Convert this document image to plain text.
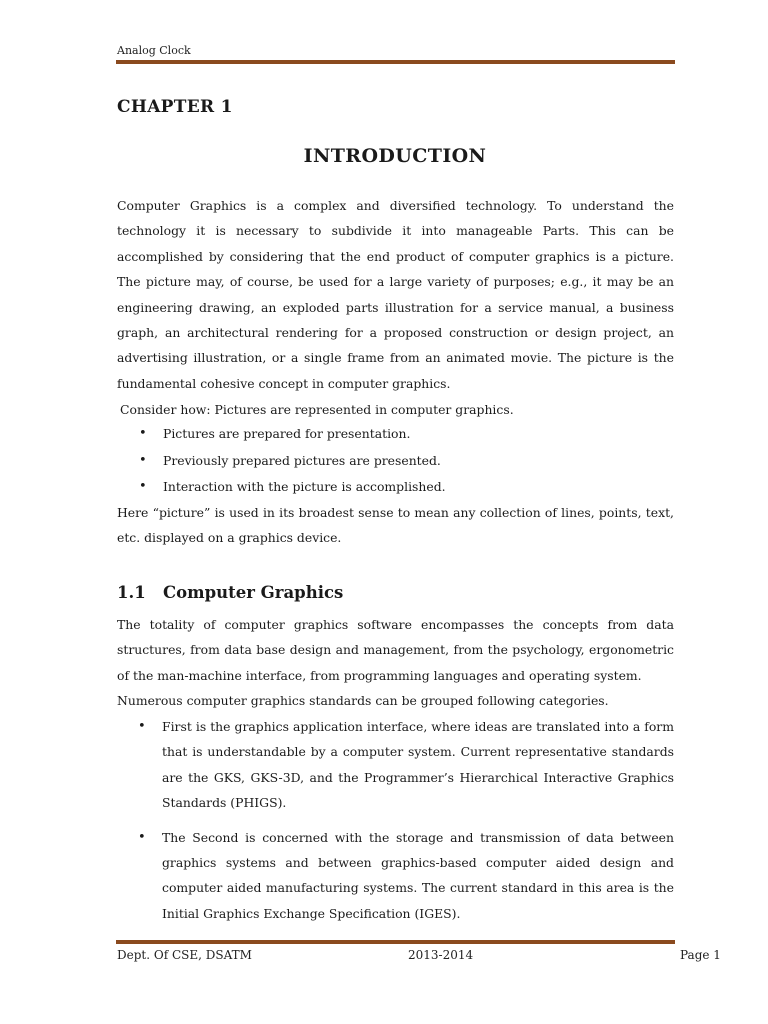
Analog Clock
CHAPTER 1
INTRODUCTION

Computer Graphics is a complex and diversified technology. To understand the technology it is necessary to subdivide it into manageable Parts. This can be accomplished by considering that the end product of computer graphics is a picture. The picture may, of course, be used for a large variety of purposes; e.g., it may be an engineering drawing, an exploded parts illustration for a service manual, a business graph, an architectural rendering for a proposed construction or design project, an advertising illustration, or a single frame from an animated movie. The picture is the fundamental cohesive concept in computer graphics.

Consider how: Pictures are represented in computer graphics.
• Pictures are prepared for presentation.
• Previously prepared pictures are presented.
• Interaction with the picture is accomplished.

Here “picture” is used in its broadest sense to mean any collection of lines, points, text, etc. displayed on a graphics device.

1.1 Computer Graphics

The totality of computer graphics software encompasses the concepts from data structures, from data base design and management, from the psychology, ergonometric of the man-machine interface, from programming languages and operating system.

Numerous computer graphics standards can be grouped following categories.

• First is the graphics application interface, where ideas are translated into a form that is understandable by a computer system. Current representative standards are the GKS, GKS-3D, and the Programmer’s Hierarchical Interactive Graphics Standards (PHIGS).
• The Second is concerned with the storage and transmission of data between graphics systems and between graphics-based computer aided design and computer aided manufacturing systems. The current standard in this area is the Initial Graphics Exchange Specification (IGES).
Dept. Of CSE, DSATM	2013-2014	Page 1
